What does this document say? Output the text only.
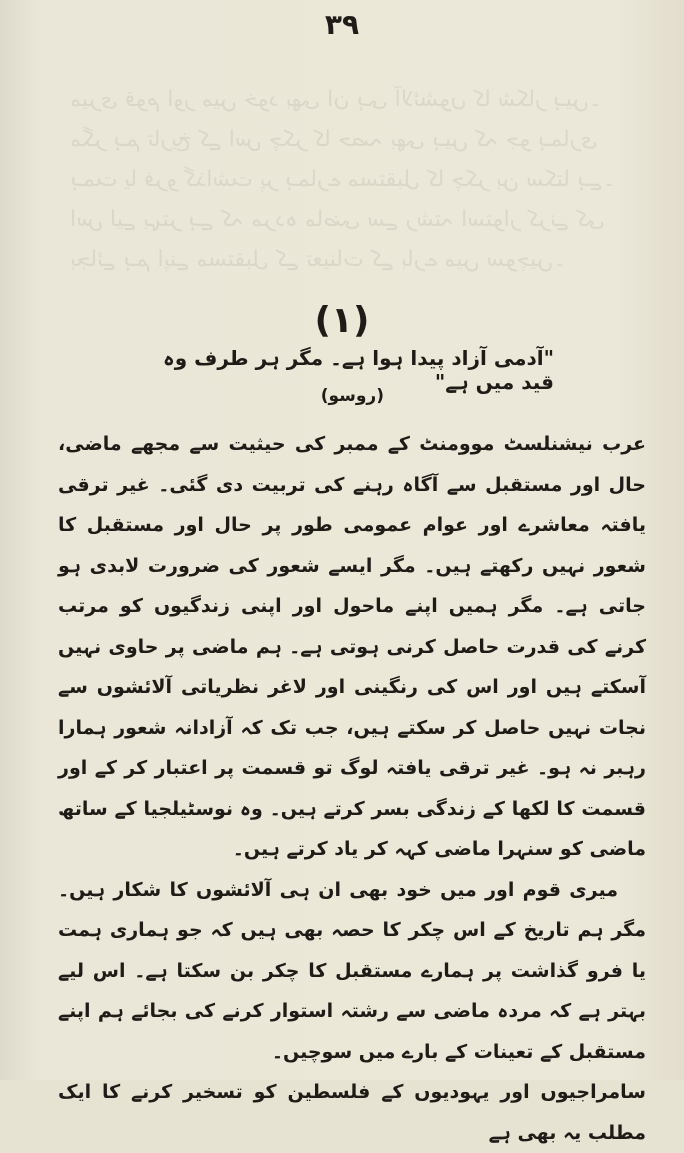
میری قوم اور میں خود بھی ان ہی آلائشوں کا شکار ہیں۔ مگر ہم تاریخ کے اس چکر کا حصہ بھی ہیں کہ جو ہماری ہمت یا فرو گذاشت پر ہمارے مستقبل کا چکر بن سکتا ہے۔ اس لیے بہتر ہے کہ مردہ ماضی سے رشتہ استوار کرنے کی بجائے ہم اپنے مستقبل کے تعینات کے بارے میں سوچیں۔
٣٩
(١)
"آدمی آزاد پیدا ہوا ہے۔ مگر ہر طرف وہ قید میں ہے"
(روسو)

عرب نیشنلسٹ موومنٹ کے ممبر کی حیثیت سے مجھے ماضی، حال اور مستقبل سے آگاہ رہنے کی تربیت دی گئی۔ غیر ترقی یافتہ معاشرے اور عوام عمومی طور پر حال اور مستقبل کا شعور نہیں رکھتے ہیں۔ مگر ایسے شعور کی ضرورت لابدی ہو جاتی ہے۔ مگر ہمیں اپنے ماحول اور اپنی زندگیوں کو مرتب کرنے کی قدرت حاصل کرنی ہوتی ہے۔ ہم ماضی پر حاوی نہیں آسکتے ہیں اور اس کی رنگینی اور لاغر نظریاتی آلائشوں سے نجات نہیں حاصل کر سکتے ہیں، جب تک کہ آزادانہ شعور ہمارا رہبر نہ ہو۔ غیر ترقی یافتہ لوگ تو قسمت پر اعتبار کر کے اور قسمت کا لکھا کے زندگی بسر کرتے ہیں۔ وہ نوسٹیلجیا کے ساتھ ماضی کو سنہرا ماضی کہہ کر یاد کرتے ہیں۔

میری قوم اور میں خود بھی ان ہی آلائشوں کا شکار ہیں۔ مگر ہم تاریخ کے اس چکر کا حصہ بھی ہیں کہ جو ہماری ہمت یا فرو گذاشت پر ہمارے مستقبل کا چکر بن سکتا ہے۔ اس لیے بہتر ہے کہ مردہ ماضی سے رشتہ استوار کرنے کی بجائے ہم اپنے مستقبل کے تعینات کے بارے میں سوچیں۔

سامراجیوں اور یہودیوں کے فلسطین کو تسخیر کرنے کا ایک مطلب یہ بھی ہے
